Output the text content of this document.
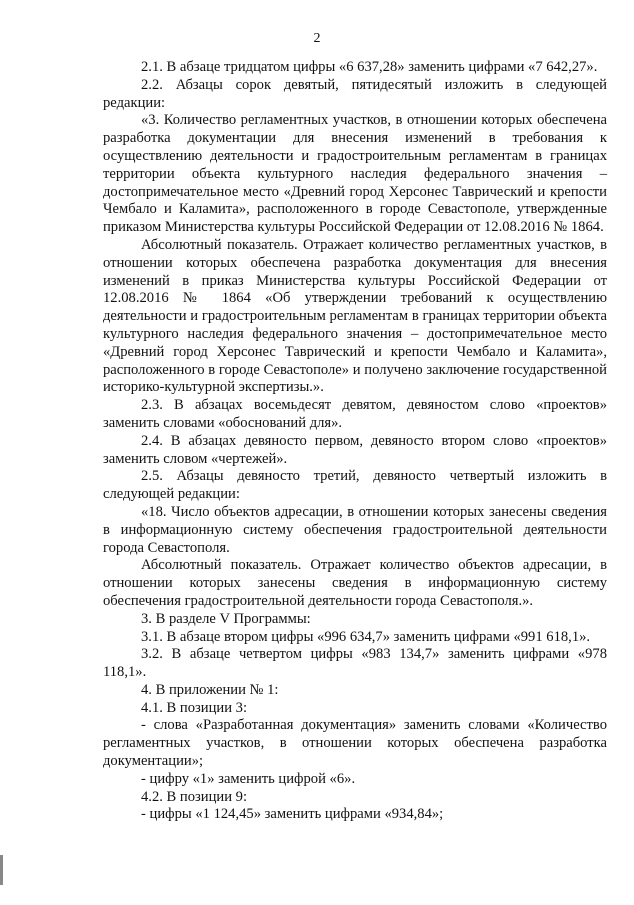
2

2.1. В абзаце тридцатом цифры «6 637,28» заменить цифрами «7 642,27».

2.2. Абзацы сорок девятый, пятидесятый изложить в следующей редакции:

«3. Количество регламентных участков, в отношении которых обеспечена разработка документации для внесения изменений в требования к осуществлению деятельности и градостроительным регламентам в границах территории объекта культурного наследия федерального значения – достопримечательное место «Древний город Херсонес Таврический и крепости Чембало и Каламита», расположенного в городе Севастополе, утвержденные приказом Министерства культуры Российской Федерации от 12.08.2016 № 1864.

Абсолютный показатель. Отражает количество регламентных участков, в отношении которых обеспечена разработка документация для внесения изменений в приказ Министерства культуры Российской Федерации от 12.08.2016 № 1864 «Об утверждении требований к осуществлению деятельности и градостроительным регламентам в границах территории объекта культурного наследия федерального значения – достопримечательное место «Древний город Херсонес Таврический и крепости Чембало и Каламита», расположенного в городе Севастополе» и получено заключение государственной историко-культурной экспертизы.».

2.3. В абзацах восемьдесят девятом, девяностом слово «проектов» заменить словами «обоснований для».

2.4. В абзацах девяносто первом, девяносто втором слово «проектов» заменить словом «чертежей».

2.5. Абзацы девяносто третий, девяносто четвертый изложить в следующей редакции:

«18. Число объектов адресации, в отношении которых занесены сведения в информационную систему обеспечения градостроительной деятельности города Севастополя.

Абсолютный показатель. Отражает количество объектов адресации, в отношении которых занесены сведения в информационную систему обеспечения градостроительной деятельности города Севастополя.».

3. В разделе V Программы:

3.1. В абзаце втором цифры «996 634,7» заменить цифрами «991 618,1».

3.2. В абзаце четвертом цифры «983 134,7» заменить цифрами «978 118,1».

4. В приложении № 1:

4.1. В позиции 3:

- слова «Разработанная документация» заменить словами «Количество регламентных участков, в отношении которых обеспечена разработка документации»;

- цифру «1» заменить цифрой «6».

4.2. В позиции 9:

- цифры «1 124,45» заменить цифрами «934,84»;
